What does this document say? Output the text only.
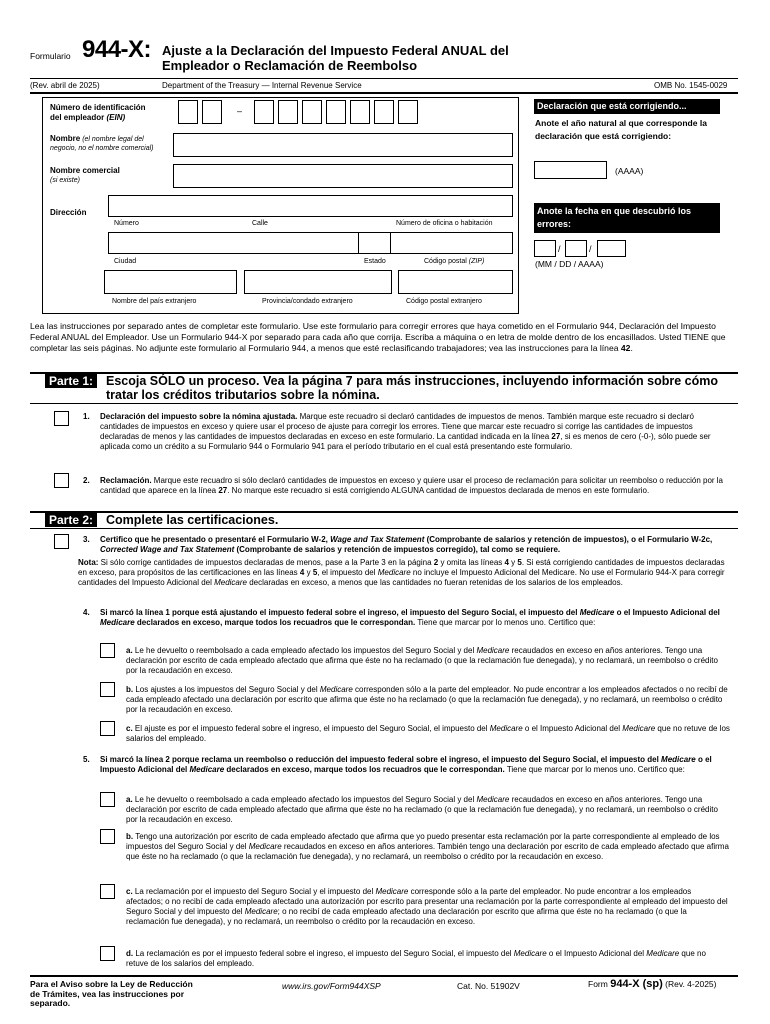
Formulario 944-X: Ajuste a la Declaración del Impuesto Federal ANUAL del
Empleador o Reclamación de Reembolso
(Rev. abril de 2025)	Department of the Treasury — Internal Revenue Service	OMB No. 1545-0029
Número de identificación
del empleador (EIN)
–
Nombre (el nombre legal del negocio, no el nombre comercial)
Nombre comercial
(si existe)
Dirección
Número	Calle	Número de oficina o habitación
Ciudad	Estado	Código postal (ZIP)
Nombre del país extranjero	Provincia/condado extranjero	Código postal extranjero
Declaración que está corrigiendo...
Anote el año natural al que corresponde la declaración que está corrigiendo:
(AAAA)
Anote la fecha en que descubrió los errores:
/	/
(MM / DD / AAAA)
Lea las instrucciones por separado antes de completar este formulario. Use este formulario para corregir errores que haya cometido en el Formulario 944, Declaración del Impuesto Federal ANUAL del Empleador. Use un Formulario 944-X por separado para cada año que corrija. Escriba a máquina o en letra de molde dentro de los encasillados. Usted TIENE que completar las seis páginas. No adjunte este formulario al Formulario 944, a menos que esté reclasificando trabajadores; vea las instrucciones para la línea 42.
Parte 1:	Escoja SÓLO un proceso. Vea la página 7 para más instrucciones, incluyendo información sobre cómo
tratar los créditos tributarios sobre la nómina.
1. Declaración del impuesto sobre la nómina ajustada. Marque este recuadro si declaró cantidades de impuestos de menos. También marque este recuadro si declaró cantidades de impuestos en exceso y quiere usar el proceso de ajuste para corregir los errores. Tiene que marcar este recuadro si corrige las cantidades de impuestos declaradas de menos y las cantidades de impuestos declaradas en exceso en este formulario. La cantidad indicada en la línea 27, si es menos de cero (-0-), sólo puede ser aplicada como un crédito a su Formulario 944 o Formulario 941 para el período tributario en el cual está presentando este formulario.
2. Reclamación. Marque este recuadro si sólo declaró cantidades de impuestos en exceso y quiere usar el proceso de reclamación para solicitar un reembolso o reducción por la cantidad que aparece en la línea 27. No marque este recuadro si está corrigiendo ALGUNA cantidad de impuestos declarada de menos en este formulario.
Parte 2:	Complete las certificaciones.
3. Certifico que he presentado o presentaré el Formulario W-2, Wage and Tax Statement (Comprobante de salarios y retención de impuestos), o el Formulario W-2c, Corrected Wage and Tax Statement (Comprobante de salarios y retención de impuestos corregido), tal como se requiere.
Nota: Si sólo corrige cantidades de impuestos declaradas de menos, pase a la Parte 3 en la página 2 y omita las líneas 4 y 5. Si está corrigiendo cantidades de impuestos declaradas en exceso, para propósitos de las certificaciones en las líneas 4 y 5, el impuesto del Medicare no incluye el Impuesto Adicional del Medicare. No use el Formulario 944-X para corregir cantidades del Impuesto Adicional del Medicare declaradas en exceso, a menos que las cantidades no fueran retenidas de los salarios de los empleados.
4. Si marcó la línea 1 porque está ajustando el impuesto federal sobre el ingreso, el impuesto del Seguro Social, el impuesto del Medicare o el Impuesto Adicional del Medicare declarados en exceso, marque todos los recuadros que le correspondan. Tiene que marcar por lo menos uno. Certifico que:
a. Le he devuelto o reembolsado a cada empleado afectado los impuestos del Seguro Social y del Medicare recaudados en exceso en años anteriores. Tengo una declaración por escrito de cada empleado afectado que afirma que éste no ha reclamado (o que la reclamación fue denegada), y no reclamará, un reembolso o crédito por la recaudación en exceso.
b. Los ajustes a los impuestos del Seguro Social y del Medicare corresponden sólo a la parte del empleador. No pude encontrar a los empleados afectados o no recibí de cada empleado afectado una declaración por escrito que afirma que éste no ha reclamado (o que la reclamación fue denegada), y no reclamará, un reembolso o crédito por la recaudación en exceso.
c. El ajuste es por el impuesto federal sobre el ingreso, el impuesto del Seguro Social, el impuesto del Medicare o el Impuesto Adicional del Medicare que no retuve de los salarios del empleado.
5. Si marcó la línea 2 porque reclama un reembolso o reducción del impuesto federal sobre el ingreso, el impuesto del Seguro Social, el impuesto del Medicare o el Impuesto Adicional del Medicare declarados en exceso, marque todos los recuadros que le correspondan. Tiene que marcar por lo menos uno. Certifico que:
a. Le he devuelto o reembolsado a cada empleado afectado los impuestos del Seguro Social y del Medicare recaudados en exceso en años anteriores. Tengo una declaración por escrito de cada empleado afectado que afirma que éste no ha reclamado (o que la reclamación fue denegada), y no reclamará, un reembolso o crédito por la recaudación en exceso.
b. Tengo una autorización por escrito de cada empleado afectado que afirma que yo puedo presentar esta reclamación por la parte correspondiente al empleado de los impuestos del Seguro Social y del Medicare recaudados en exceso en años anteriores. También tengo una declaración por escrito de cada empleado afectado que afirma que éste no ha reclamado (o que la reclamación fue denegada), y no reclamará, un reembolso o crédito por la recaudación en exceso.
c. La reclamación por el impuesto del Seguro Social y el impuesto del Medicare corresponde sólo a la parte del empleador. No pude encontrar a los empleados afectados; o no recibí de cada empleado afectado una autorización por escrito para presentar una reclamación por la parte correspondiente al empleado del impuesto del Seguro Social y del impuesto del Medicare; o no recibí de cada empleado afectado una declaración por escrito que afirma que éste no ha reclamado (o que la reclamación fue denegada), y no reclamará, un reembolso o crédito por la recaudación en exceso.
d. La reclamación es por el impuesto federal sobre el ingreso, el impuesto del Seguro Social, el impuesto del Medicare o el Impuesto Adicional del Medicare que no retuve de los salarios del empleado.
Para el Aviso sobre la Ley de Reducción
de Trámites, vea las instrucciones por
separado.
www.irs.gov/Form944XSP	Cat. No. 51902V	Form 944-X (sp) (Rev. 4-2025)
